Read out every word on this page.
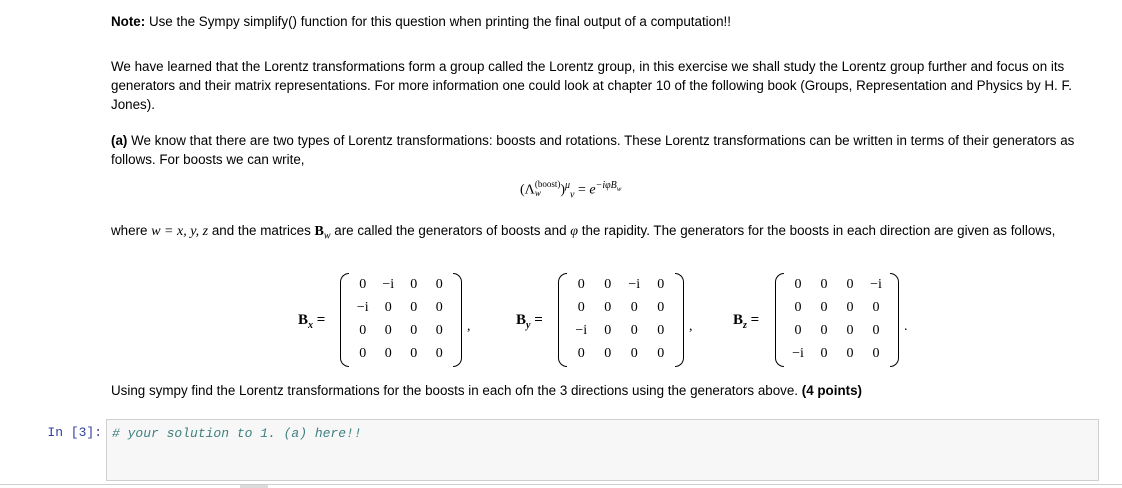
Note: Use the Sympy simplify() function for this question when printing the final output of a computation!!
We have learned that the Lorentz transformations form a group called the Lorentz group, in this exercise we shall study the Lorentz group further and focus on its generators and their matrix representations. For more information one could look at chapter 10 of the following book (Groups, Representation and Physics by H. F. Jones).
(a) We know that there are two types of Lorentz transformations: boosts and rotations. These Lorentz transformations can be written in terms of their generators as follows. For boosts we can write,
(Λ(boost)
w )$^\mu_\nu = e^{-i\varphi B_w}$
where w = x, y, z and the matrices $B_w$ are called the generators of boosts and φ the rapidity. The generators for the boosts in each direction are given as follows,
$B_x$ =
0	−i	0	0
−i	0	0	0
0	0	0	0
0	0	0	0
,	$B_y$ =
0	0	−i	0
0	0	0	0
−i	0	0	0
0	0	0	0
,	$B_z$ =
0	0	0	−i
0	0	0	0
0	0	0	0
−i	0	0	0
.
Using sympy find the Lorentz transformations for the boosts in each ofn the 3 directions using the generators above. (4 points)
In [3]: # your solution to 1. (a) here!!
